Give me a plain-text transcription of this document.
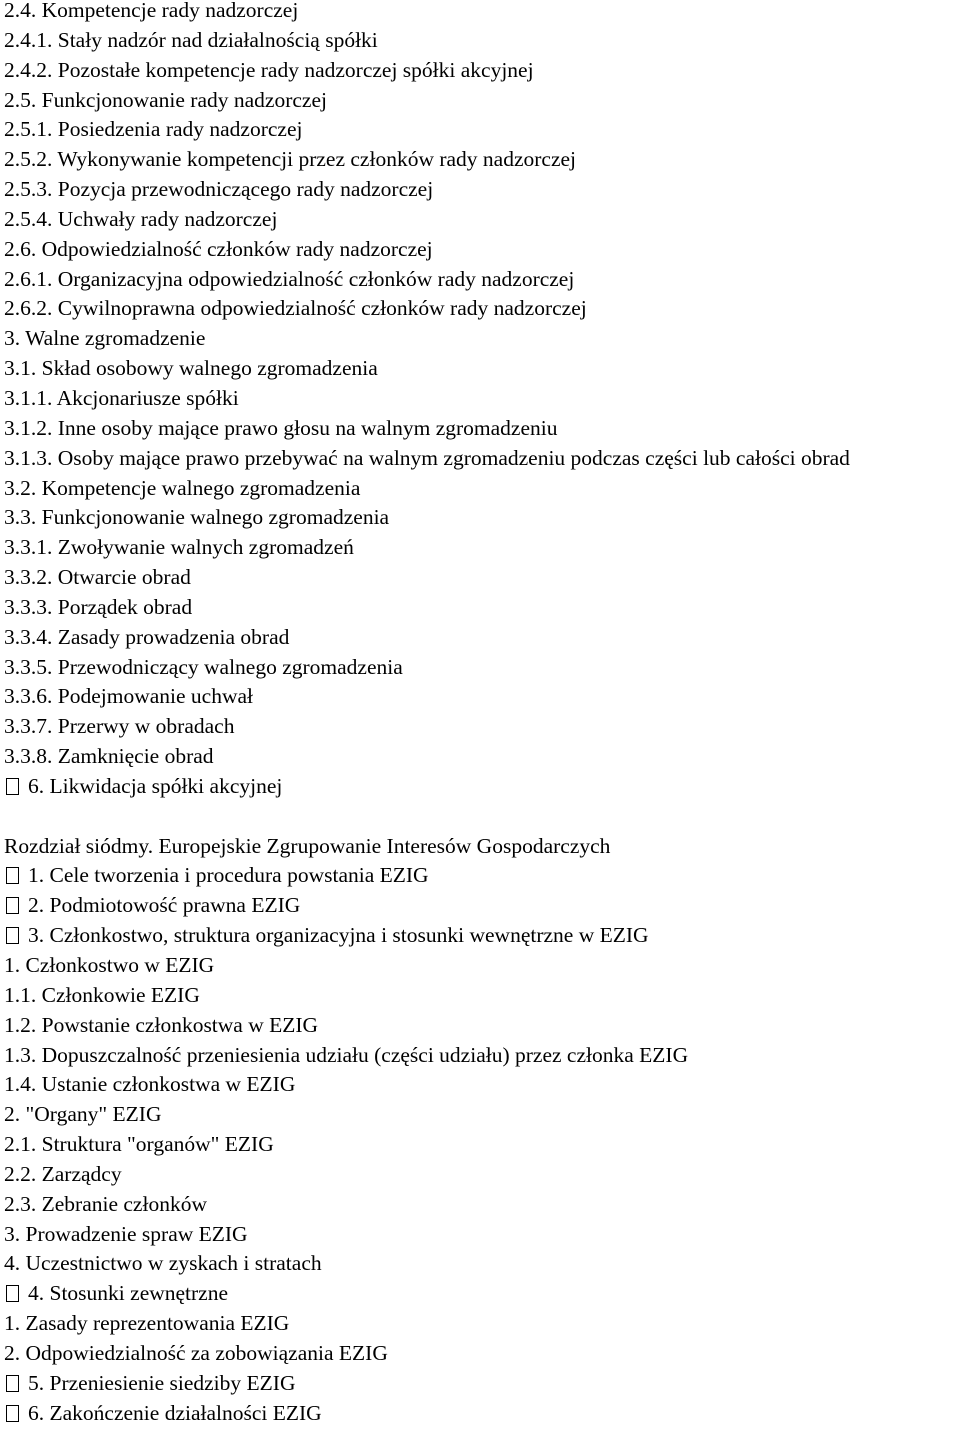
2.4. Kompetencje rady nadzorczej
2.4.1. Stały nadzór nad działalnością spółki
2.4.2. Pozostałe kompetencje rady nadzorczej spółki akcyjnej
2.5. Funkcjonowanie rady nadzorczej
2.5.1. Posiedzenia rady nadzorczej
2.5.2. Wykonywanie kompetencji przez członków rady nadzorczej
2.5.3. Pozycja przewodniczącego rady nadzorczej
2.5.4. Uchwały rady nadzorczej
2.6. Odpowiedzialność członków rady nadzorczej
2.6.1. Organizacyjna odpowiedzialność członków rady nadzorczej
2.6.2. Cywilnoprawna odpowiedzialność członków rady nadzorczej
3. Walne zgromadzenie
3.1. Skład osobowy walnego zgromadzenia
3.1.1. Akcjonariusze spółki
3.1.2. Inne osoby mające prawo głosu na walnym zgromadzeniu
3.1.3. Osoby mające prawo przebywać na walnym zgromadzeniu podczas części lub całości obrad
3.2. Kompetencje walnego zgromadzenia
3.3. Funkcjonowanie walnego zgromadzenia
3.3.1. Zwoływanie walnych zgromadzeń
3.3.2. Otwarcie obrad
3.3.3. Porządek obrad
3.3.4. Zasady prowadzenia obrad
3.3.5. Przewodniczący walnego zgromadzenia
3.3.6. Podejmowanie uchwał
3.3.7. Przerwy w obradach
3.3.8. Zamknięcie obrad
6. Likwidacja spółki akcyjnej
Rozdział siódmy. Europejskie Zgrupowanie Interesów Gospodarczych
1. Cele tworzenia i procedura powstania EZIG
2. Podmiotowość prawna EZIG
3. Członkostwo, struktura organizacyjna i stosunki wewnętrzne w EZIG
1. Członkostwo w EZIG
1.1. Członkowie EZIG
1.2. Powstanie członkostwa w EZIG
1.3. Dopuszczalność przeniesienia udziału (części udziału) przez członka EZIG
1.4. Ustanie członkostwa w EZIG
2. "Organy" EZIG
2.1. Struktura "organów" EZIG
2.2. Zarządcy
2.3. Zebranie członków
3. Prowadzenie spraw EZIG
4. Uczestnictwo w zyskach i stratach
4. Stosunki zewnętrzne
1. Zasady reprezentowania EZIG
2. Odpowiedzialność za zobowiązania EZIG
5. Przeniesienie siedziby EZIG
6. Zakończenie działalności EZIG
